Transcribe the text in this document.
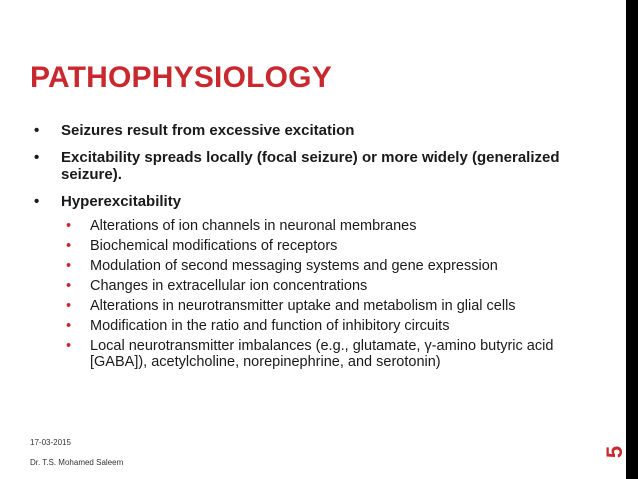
PATHOPHYSIOLOGY
• Seizures result from excessive excitation
• Excitability spreads locally (focal seizure) or more widely (generalized seizure).
• Hyperexcitability
• Alterations of ion channels in neuronal membranes
• Biochemical modifications of receptors
• Modulation of second messaging systems and gene expression
• Changes in extracellular ion concentrations
• Alterations in neurotransmitter uptake and metabolism in glial cells
• Modification in the ratio and function of inhibitory circuits
• Local neurotransmitter imbalances (e.g., glutamate, γ-amino butyric acid [GABA]), acetylcholine, norepinephrine, and serotonin)
17-03-2015
Dr. T.S. Mohamed Saleem
5
